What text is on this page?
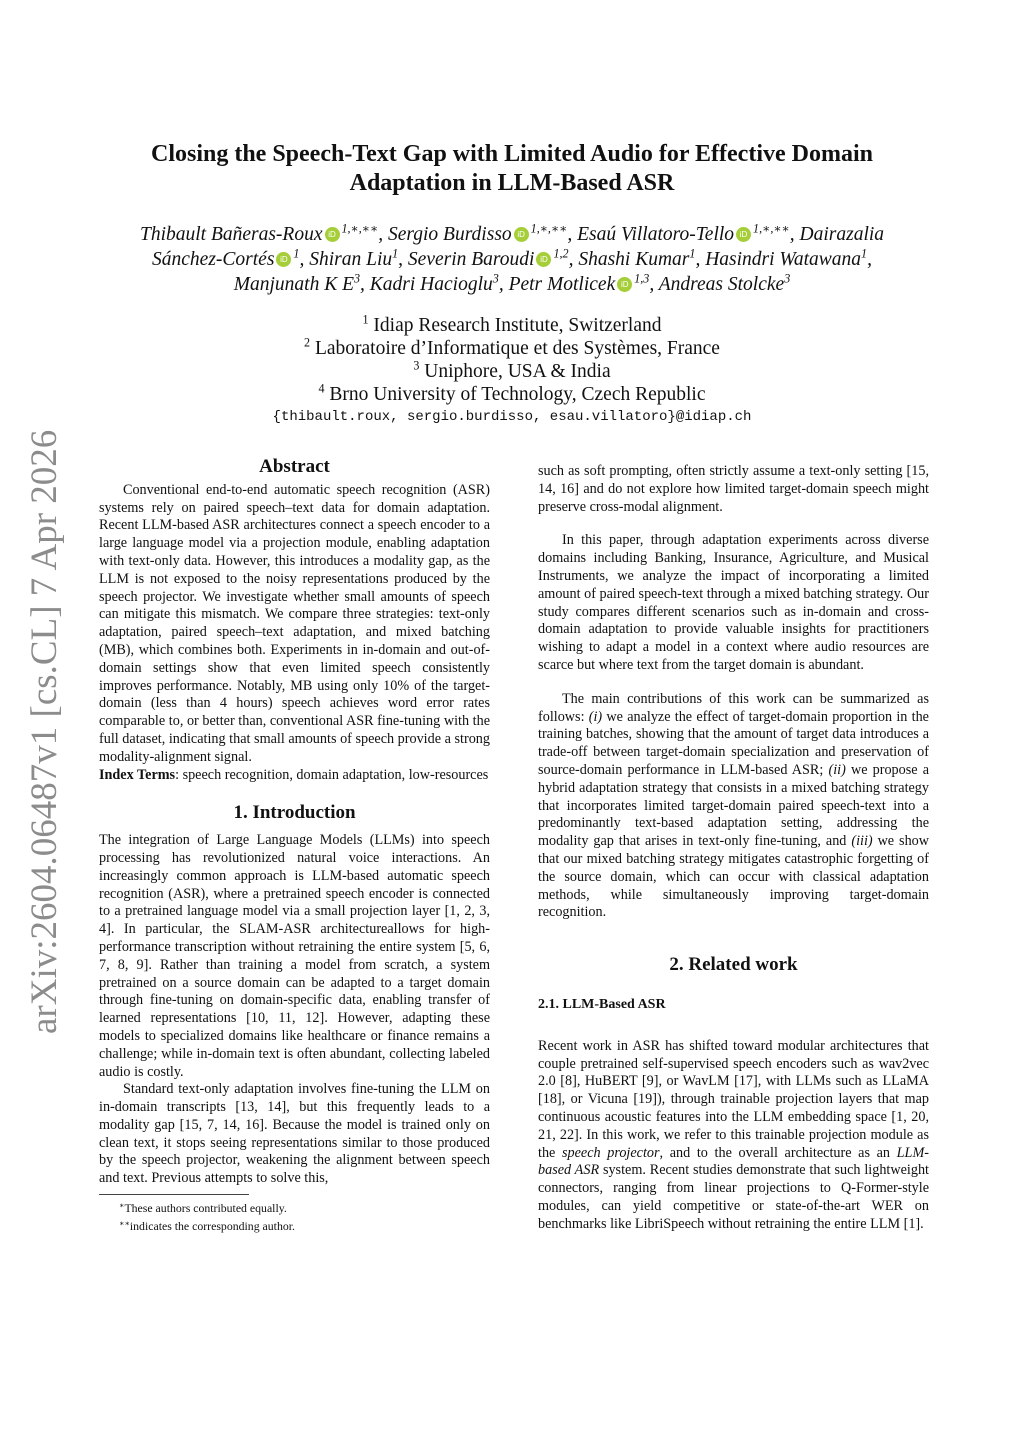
arXiv:2604.06487v1 [cs.CL] 7 Apr 2026
Closing the Speech-Text Gap with Limited Audio for Effective Domain
Adaptation in LLM-Based ASR
Thibault Bañeras-Roux iD $^{1,∗,∗∗}$, Sergio Burdisso iD $^{1,∗,∗∗}$, Esaú Villatoro-Tello iD $^{1,∗,∗∗}$, Dairazalia
Sánchez-Cortés iD $^1$, Shiran Liu$^1$, Severin Baroudi iD $^{1,2}$, Shashi Kumar$^1$, Hasindri Watawana$^1$,
Manjunath K $E^3$, Kadri Hacioglu$^3$, Petr Motlicek iD $^{1,3}$, Andreas Stolcke$^3$
$^1$ Idiap Research Institute, Switzerland
$^2$ Laboratoire d’Informatique et des Systèmes, France
$^3$ Uniphore, USA & India
$^4$ Brno University of Technology, Czech Republic
{thibault.roux, sergio.burdisso, esau.villatoro}@idiap.ch

Abstract

Conventional end-to-end automatic speech recognition (ASR) systems rely on paired speech–text data for domain adaptation. Recent LLM-based ASR architectures connect a speech encoder to a large language model via a projection module, enabling adaptation with text-only data. However, this introduces a modality gap, as the LLM is not exposed to the noisy representations produced by the speech projector. We investigate whether small amounts of speech can mitigate this mismatch. We compare three strategies: text-only adaptation, paired speech–text adaptation, and mixed batching (MB), which combines both. Experiments in in-domain and out-of-domain settings show that even limited speech consistently improves performance. Notably, MB using only 10% of the target-domain (less than 4 hours) speech achieves word error rates comparable to, or better than, conventional ASR fine-tuning with the full dataset, indicating that small amounts of speech provide a strong modality-alignment signal.

Index Terms: speech recognition, domain adaptation, low-resources

1. Introduction

The integration of Large Language Models (LLMs) into speech processing has revolutionized natural voice interactions. An increasingly common approach is LLM-based automatic speech recognition (ASR), where a pretrained speech encoder is connected to a pretrained language model via a small projection layer [1, 2, 3, 4]. In particular, the SLAM-ASR architectureallows for high-performance transcription without retraining the entire system [5, 6, 7, 8, 9]. Rather than training a model from scratch, a system pretrained on a source domain can be adapted to a target domain through fine-tuning on domain-specific data, enabling transfer of learned representations [10, 11, 12]. However, adapting these models to specialized domains like healthcare or finance remains a challenge; while in-domain text is often abundant, collecting labeled audio is costly.

Standard text-only adaptation involves fine-tuning the LLM on in-domain transcripts [13, 14], but this frequently leads to a modality gap [15, 7, 14, 16]. Because the model is trained only on clean text, it stops seeing representations similar to those produced by the speech projector, weakening the alignment between speech and text. Previous attempts to solve this,

∗These authors contributed equally.
∗∗indicates the corresponding author.

such as soft prompting, often strictly assume a text-only setting [15, 14, 16] and do not explore how limited target-domain speech might preserve cross-modal alignment.

In this paper, through adaptation experiments across diverse domains including Banking, Insurance, Agriculture, and Musical Instruments, we analyze the impact of incorporating a limited amount of paired speech-text through a mixed batching strategy. Our study compares different scenarios such as in-domain and cross-domain adaptation to provide valuable insights for practitioners wishing to adapt a model in a context where audio resources are scarce but where text from the target domain is abundant.

The main contributions of this work can be summarized as follows: (i) we analyze the effect of target-domain proportion in the training batches, showing that the amount of target data introduces a trade-off between target-domain specialization and preservation of source-domain performance in LLM-based ASR; (ii) we propose a hybrid adaptation strategy that consists in a mixed batching strategy that incorporates limited target-domain paired speech-text into a predominantly text-based adaptation setting, addressing the modality gap that arises in text-only fine-tuning, and (iii) we show that our mixed batching strategy mitigates catastrophic forgetting of the source domain, which can occur with classical adaptation methods, while simultaneously improving target-domain recognition.

2. Related work

2.1. LLM-Based ASR

Recent work in ASR has shifted toward modular architectures that couple pretrained self-supervised speech encoders such as wav2vec 2.0 [8], HuBERT [9], or WavLM [17], with LLMs such as LLaMA [18], or Vicuna [19]), through trainable projection layers that map continuous acoustic features into the LLM embedding space [1, 20, 21, 22]. In this work, we refer to this trainable projection module as the speech projector, and to the overall architecture as an LLM-based ASR system. Recent studies demonstrate that such lightweight connectors, ranging from linear projections to Q-Former-style modules, can yield competitive or state-of-the-art WER on benchmarks like LibriSpeech without retraining the entire LLM [1].
